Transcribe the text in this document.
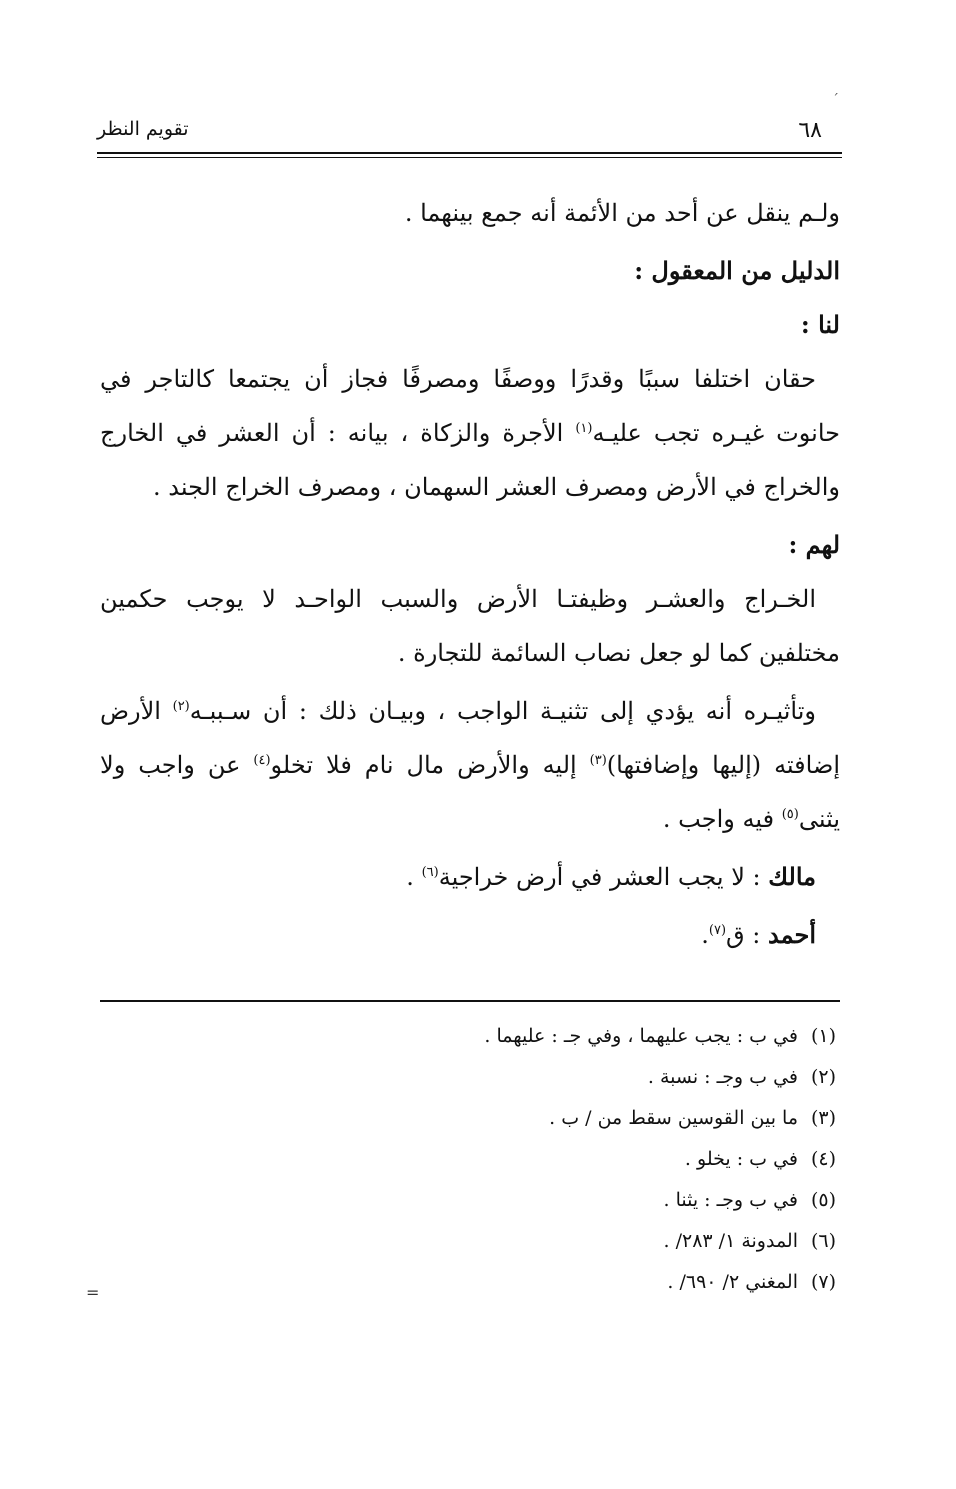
ˊ
٦٨
تقويم النظر

ولـم ينقل عن أحد من الأئمة أنه جمع بينهما .

الدليل من المعقول :

لنا :

حقان اختلفا سببًا وقدرًا ووصفًا ومصرفًا فجاز أن يجتمعا كالتاجر في حانوت غيـره تجب عليـه$^{(١)}$ الأجرة والزكاة ، بيانه : أن العشر في الخارج والخراج في الأرض ومصرف العشر السهمان ، ومصرف الخراج الجند .

لهم :

الخـراج والعشـر وظيفتـا الأرض والسبب الواحـد لا يوجب حكمين مختلفين كما لو جعل نصاب السائمة للتجارة .

وتأثيـره أنه يؤدي إلى تثنيـة الواجب ، وبيـان ذلك : أن سـببـه$^{(٢)}$ الأرض إضافته (إليها وإضافتها)$^{(٣)}$ إليه والأرض مال نام فلا تخلو$^{(٤)}$ عن واجب ولا يثنى$^{(٥)}$ فيه واجب .

مالك : لا يجب العشر في أرض خراجية$^{(٦)}$ .

أحمد : ق$^{(٧)}$.

(١)في ب : يجب عليهما ، وفي جـ : عليهما .

(٢)في ب وجـ : نسبة .

(٣)ما بين القوسين سقط من / ب .

(٤)في ب : يخلو .

(٥)في ب وجـ : يثنا .

(٦)المدونة ١/ ٢٨٣/ .

(٧)المغني ٢/ ٦٩٠/ .

=
